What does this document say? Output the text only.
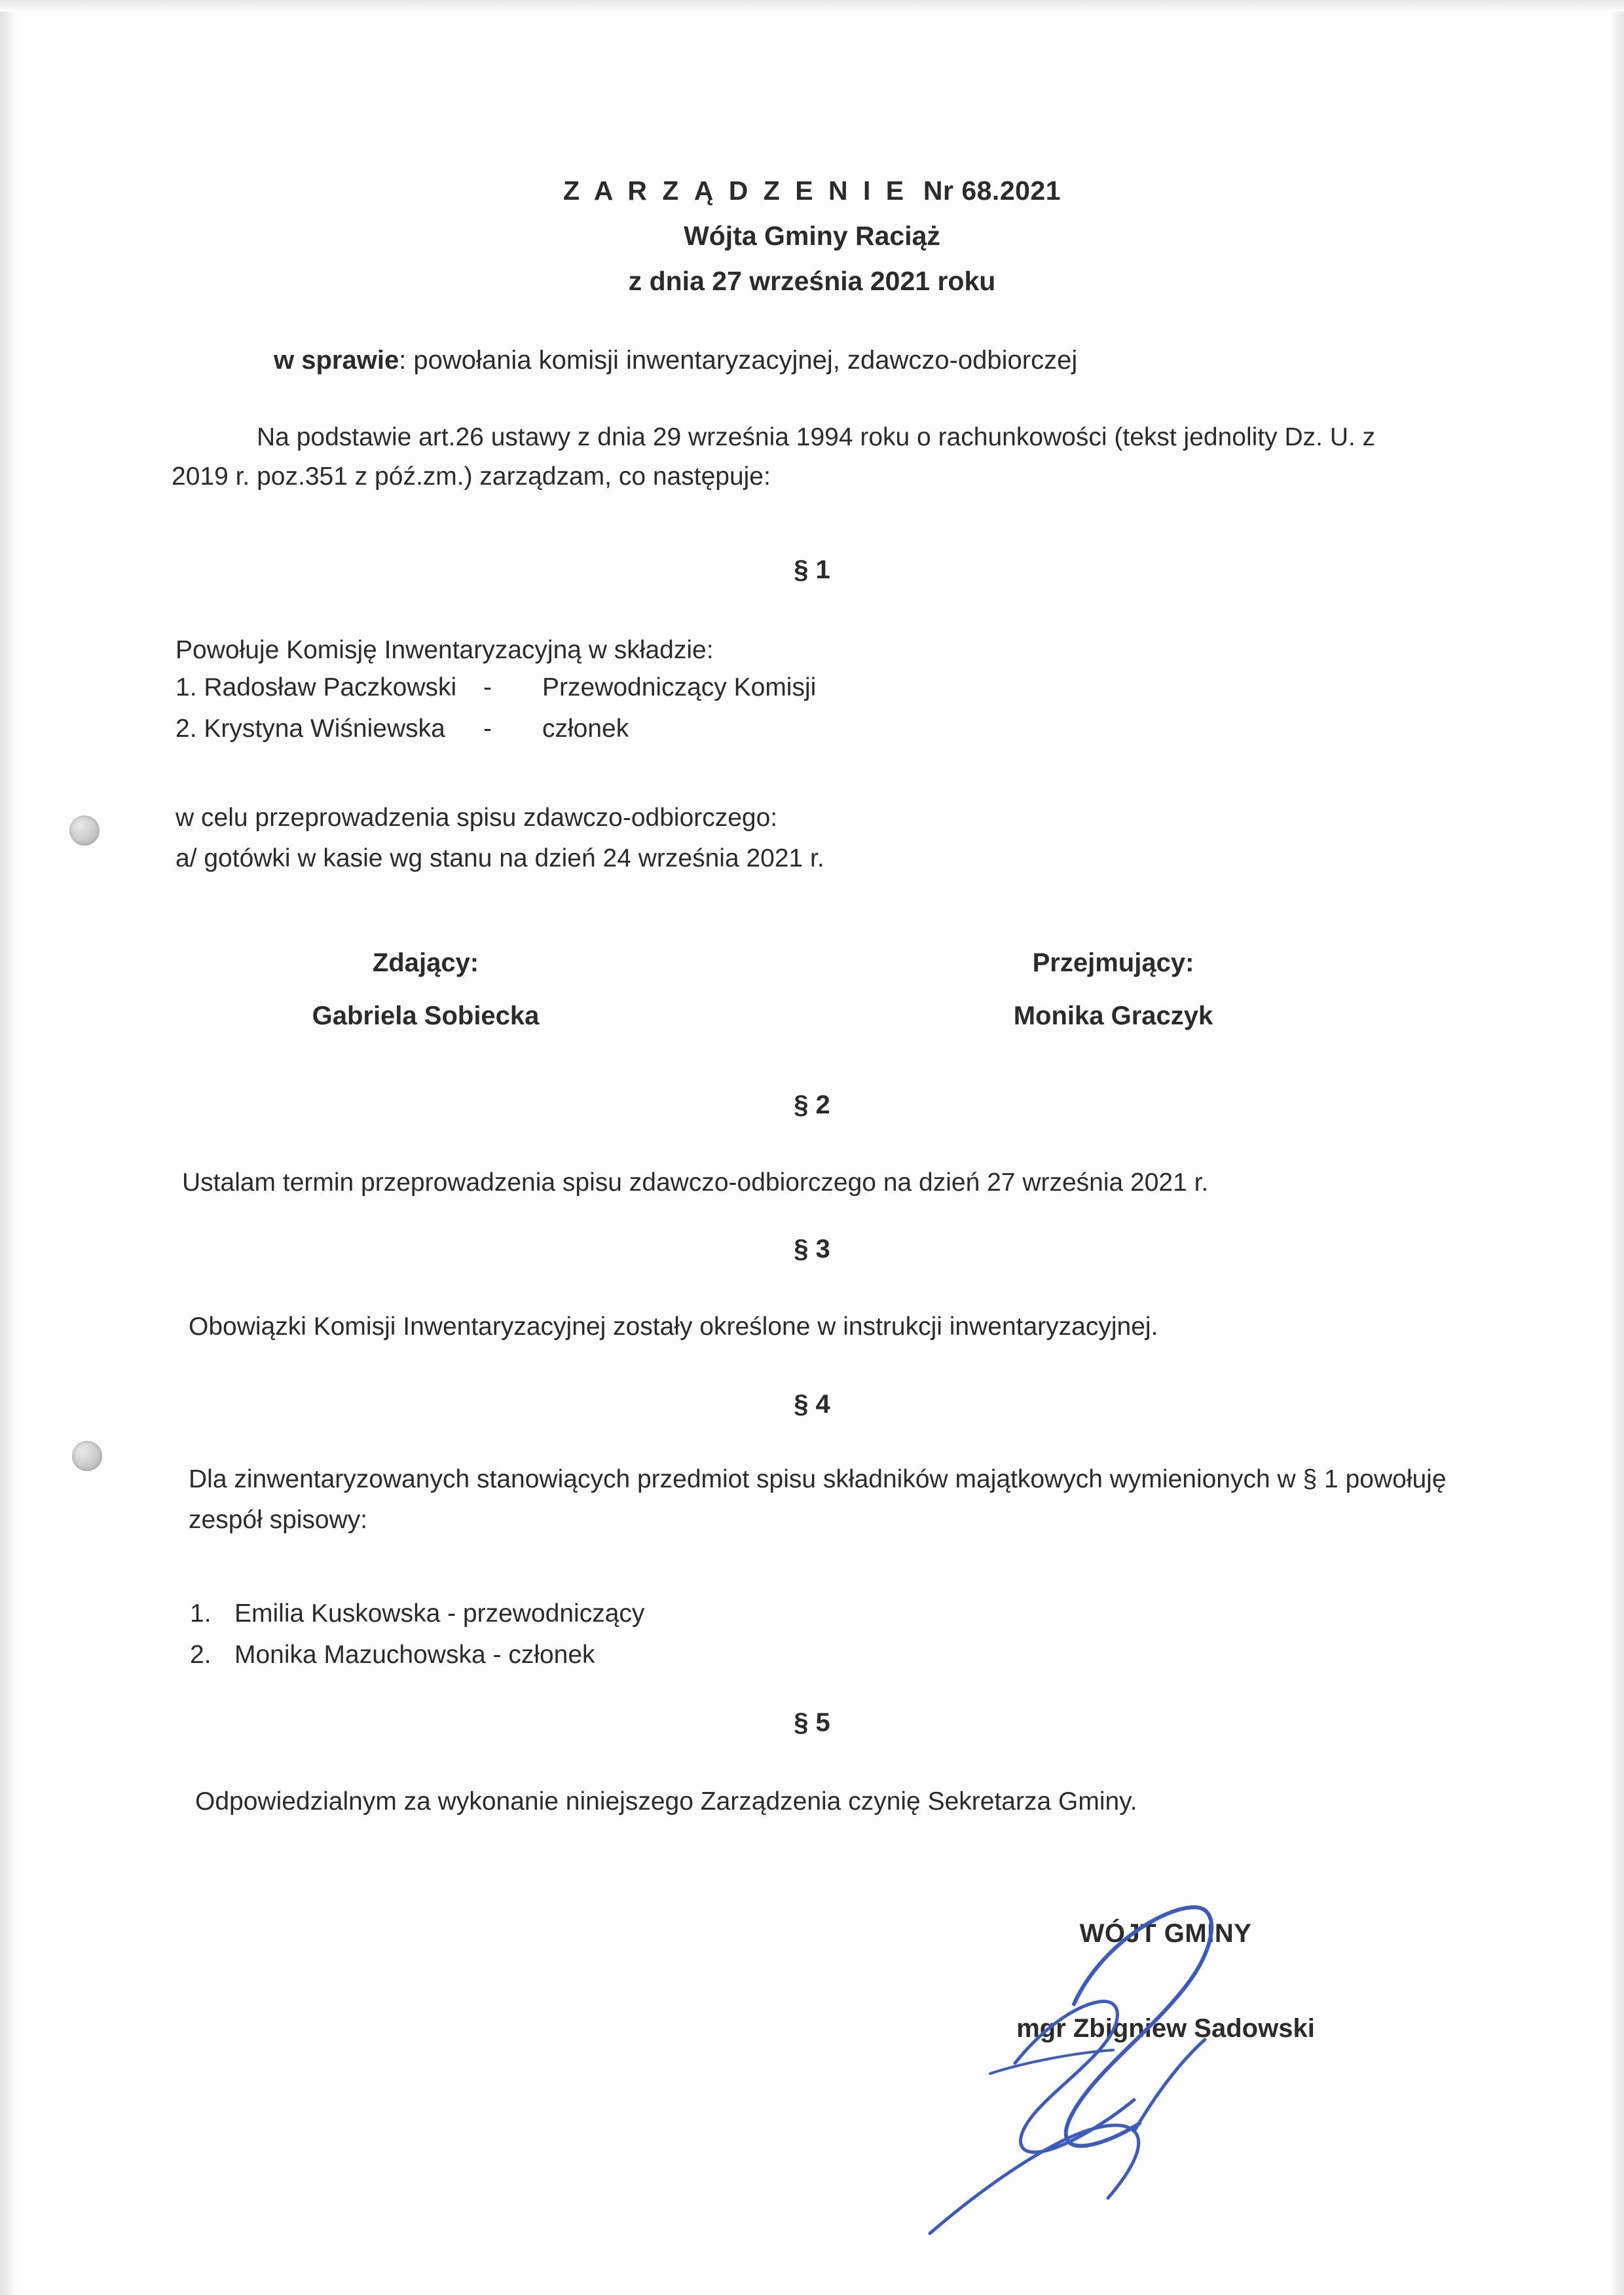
Z A R Z Ą D Z E N I E Nr 68.2021
Wójta Gminy Raciąż
z dnia 27 września 2021 roku
w sprawie: powołania komisji inwentaryzacyjnej, zdawczo-odbiorczej
Na podstawie art.26 ustawy z dnia 29 września 1994 roku o rachunkowości (tekst jednolity Dz. U. z 2019 r. poz.351 z póź.zm.) zarządzam, co następuje:
§ 1
Powołuje Komisję Inwentaryzacyjną w składzie:
1. Radosław Paczkowski	-	Przewodniczący Komisji
2. Krystyna Wiśniewska	-	członek
w celu przeprowadzenia spisu zdawczo-odbiorczego:
a/ gotówki w kasie wg stanu na dzień 24 września 2021 r.
Zdający:
Gabriela Sobiecka
Przejmujący:
Monika Graczyk
§ 2
Ustalam termin przeprowadzenia spisu zdawczo-odbiorczego na dzień 27 września 2021 r.
§ 3
Obowiązki Komisji Inwentaryzacyjnej zostały określone w instrukcji inwentaryzacyjnej.
§ 4
Dla zinwentaryzowanych stanowiących przedmiot spisu składników majątkowych wymienionych w § 1 powołuję zespół spisowy:
1. Emilia Kuskowska - przewodniczący
2. Monika Mazuchowska - członek
§ 5
Odpowiedzialnym za wykonanie niniejszego Zarządzenia czynię Sekretarza Gminy.
WÓJT GMINY
mgr Zbigniew Sadowski
